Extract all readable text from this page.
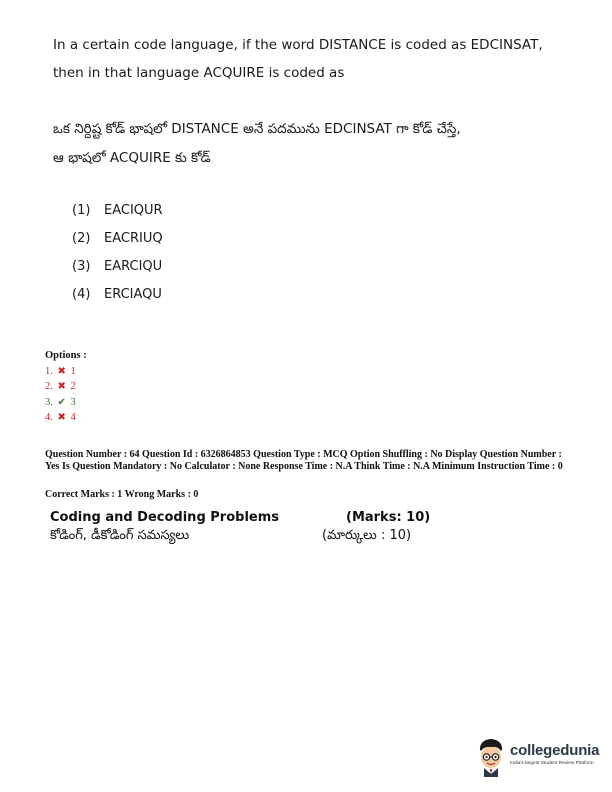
In a certain code language, if the word DISTANCE is coded as EDCINSAT,
then in that language ACQUIRE is coded as
ఒక నిర్దిష్ట కోడ్ భాషలో DISTANCE అనే పదమును EDCINSAT గా కోడ్ చేస్తే,
ఆ భాషలో ACQUIRE కు కోడ్
(1) EACIQUR
(2) EACRIUQ
(3) EARCIQU
(4) ERCIAQU
Options :
1. ✖ 1
2. ✖ 2
3. ✔ 3
4. ✖ 4
Question Number : 64 Question Id : 6326864853 Question Type : MCQ Option Shuffling : No Display Question Number : Yes Is Question Mandatory : No Calculator : None Response Time : N.A Think Time : N.A Minimum Instruction Time : 0
Correct Marks : 1 Wrong Marks : 0
Coding and Decoding Problems	(Marks: 10)
కోడింగ్, డీకోడింగ్ సమస్యలు	(మార్కులు : 10)
collegedunia
India's largest Student Review Platform
